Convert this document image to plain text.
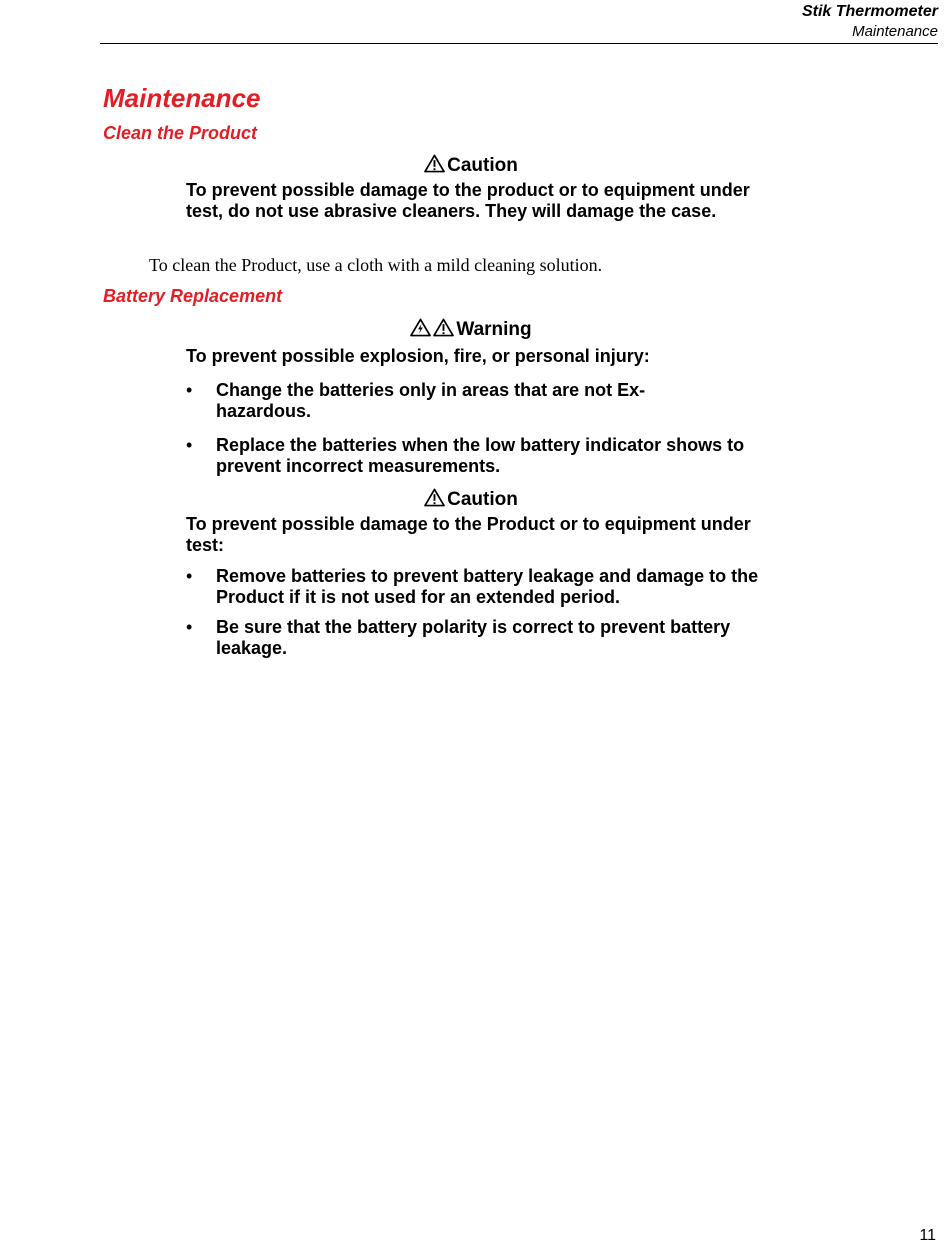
Stik Thermometer
Maintenance
Maintenance
Clean the Product
Caution

To prevent possible damage to the product or to equipment under test, do not use abrasive cleaners. They will damage the case.

To clean the Product, use a cloth with a mild cleaning solution.

Battery Replacement
Warning

To prevent possible explosion, fire, or personal injury:

• Change the batteries only in areas that are not Ex-hazardous.
• Replace the batteries when the low battery indicator shows to prevent incorrect measurements.
Caution

To prevent possible damage to the Product or to equipment under test:

• Remove batteries to prevent battery leakage and damage to the Product if it is not used for an extended period.
• Be sure that the battery polarity is correct to prevent battery leakage.
11
